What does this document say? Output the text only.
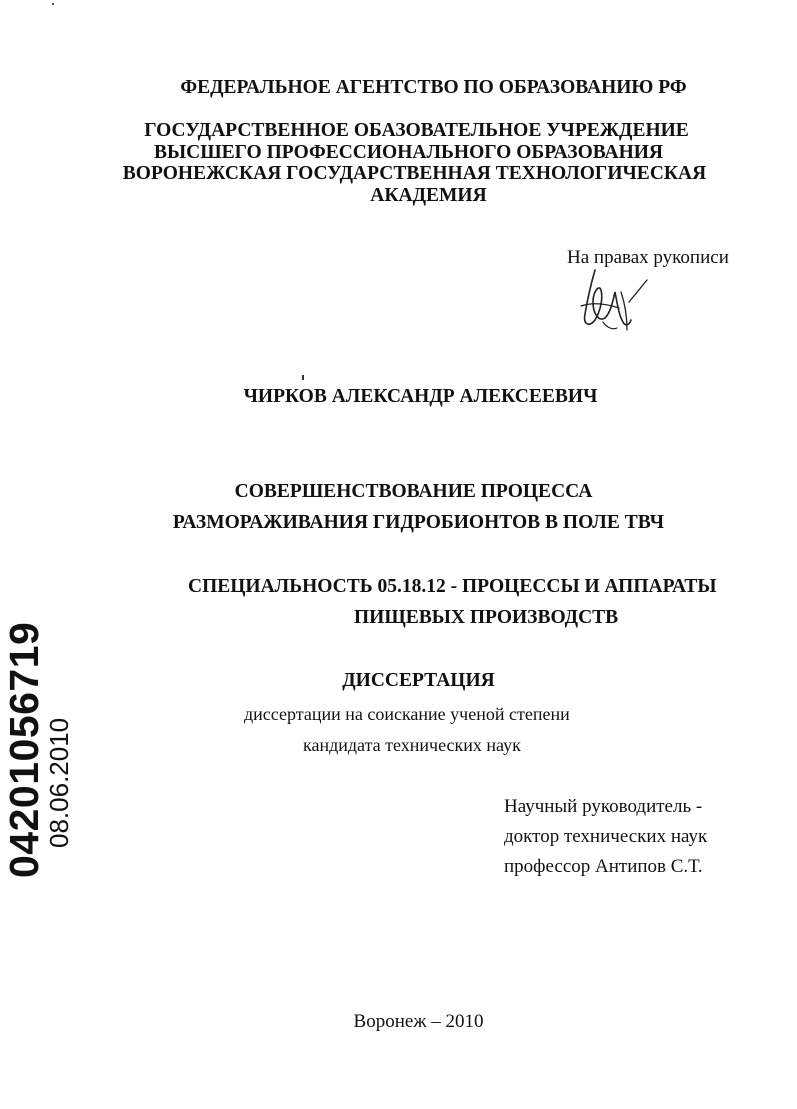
ФЕДЕРАЛЬНОЕ АГЕНТСТВО ПО ОБРАЗОВАНИЮ РФ
ГОСУДАРСТВЕННОЕ ОБАЗОВАТЕЛЬНОЕ УЧРЕЖДЕНИЕ
ВЫСШЕГО ПРОФЕССИОНАЛЬНОГО ОБРАЗОВАНИЯ
ВОРОНЕЖСКАЯ ГОСУДАРСТВЕННАЯ ТЕХНОЛОГИЧЕСКАЯ
АКАДЕМИЯ
На правах рукописи
ЧИРКОВ АЛЕКСАНДР АЛЕКСЕЕВИЧ
СОВЕРШЕНСТВОВАНИЕ ПРОЦЕССА
РАЗМОРАЖИВАНИЯ ГИДРОБИОНТОВ В ПОЛЕ ТВЧ
СПЕЦИАЛЬНОСТЬ 05.18.12 - ПРОЦЕССЫ И АППАРАТЫ
ПИЩЕВЫХ ПРОИЗВОДСТВ
ДИССЕРТАЦИЯ
диссертации на соискание ученой степени
кандидата технических наук
Научный руководитель -
доктор технических наук
профессор Антипов С.Т.
Воронеж – 2010
04201056719
08.06.2010
